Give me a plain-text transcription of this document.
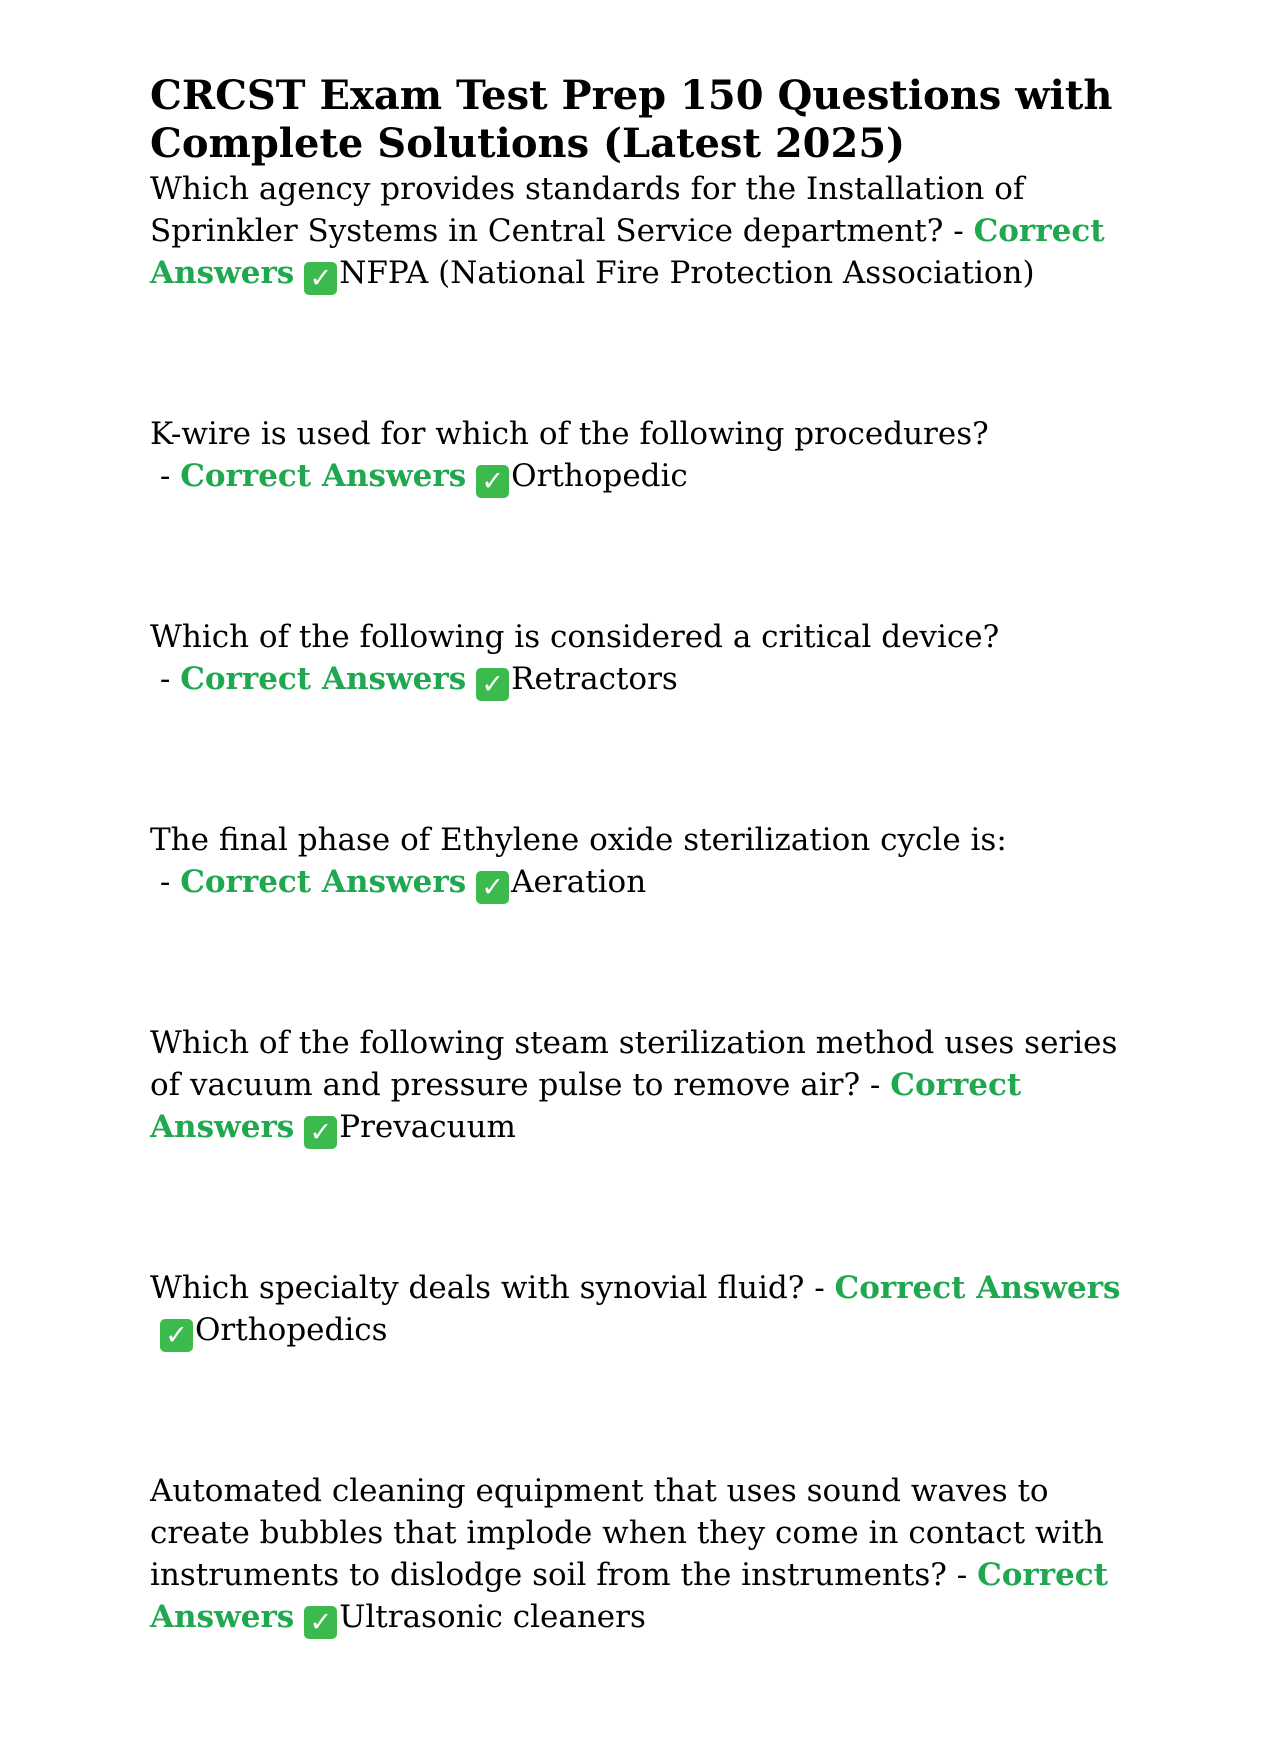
CRCST Exam Test Prep 150 Questions with Complete Solutions (Latest 2025)

Which agency provides standards for the Installation of Sprinkler Systems in Central Service department? - Correct Answers ✓ NFPA (National Fire Protection Association)

K-wire is used for which of the following procedures? - Correct Answers ✓ Orthopedic

Which of the following is considered a critical device? - Correct Answers ✓ Retractors

The final phase of Ethylene oxide sterilization cycle is: - Correct Answers ✓ Aeration

Which of the following steam sterilization method uses series of vacuum and pressure pulse to remove air? - Correct Answers ✓ Prevacuum

Which specialty deals with synovial fluid? - Correct Answers✓ Orthopedics

Automated cleaning equipment that uses sound waves to create bubbles that implode when they come in contact with instruments to dislodge soil from the instruments? - Correct Answers ✓ Ultrasonic cleaners
